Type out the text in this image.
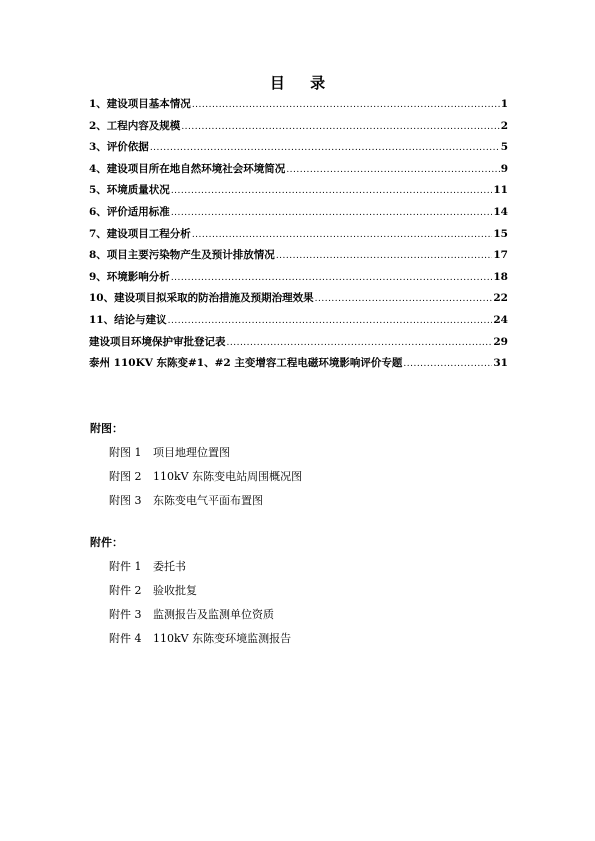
目 录
1、建设项目基本情况 .....	1
2、工程内容及规模 .....	2
3、评价依据 .....	5
4、建设项目所在地自然环境社会环境简况 .....	9
5、环境质量状况 .....	11
6、评价适用标准 .....	14
7、建设项目工程分析 .....	15
8、项目主要污染物产生及预计排放情况 .....	17
9、环境影响分析 .....	18
10、建设项目拟采取的防治措施及预期治理效果 .....	22
11、结论与建议 .....	24
建设项目环境保护审批登记表 .....	29
泰州 110KV 东陈变#1、#2 主变增容工程电磁环境影响评价专题 .....	31
附图：
附图 1 项目地理位置图
附图 2 110kV 东陈变电站周围概况图
附图 3 东陈变电气平面布置图
附件：
附件 1 委托书
附件 2 验收批复
附件 3 监测报告及监测单位资质
附件 4 110kV 东陈变环境监测报告
